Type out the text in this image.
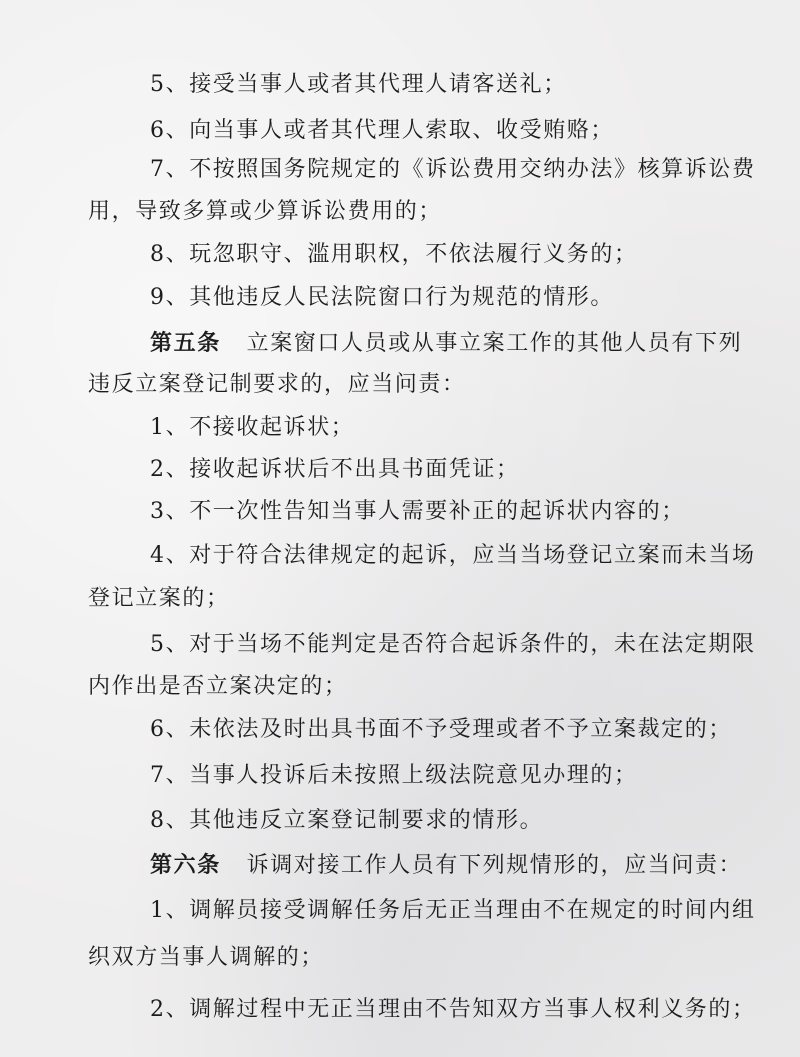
5、接受当事人或者其代理人请客送礼；
6、向当事人或者其代理人索取、收受贿赂；
7、不按照国务院规定的《诉讼费用交纳办法》核算诉讼费
用，导致多算或少算诉讼费用的；
8、玩忽职守、滥用职权，不依法履行义务的；
9、其他违反人民法院窗口行为规范的情形。
第五条 立案窗口人员或从事立案工作的其他人员有下列
违反立案登记制要求的，应当问责：
1、不接收起诉状；
2、接收起诉状后不出具书面凭证；
3、不一次性告知当事人需要补正的起诉状内容的；
4、对于符合法律规定的起诉，应当当场登记立案而未当场
登记立案的；
5、对于当场不能判定是否符合起诉条件的，未在法定期限
内作出是否立案决定的；
6、未依法及时出具书面不予受理或者不予立案裁定的；
7、当事人投诉后未按照上级法院意见办理的；
8、其他违反立案登记制要求的情形。
第六条 诉调对接工作人员有下列规情形的，应当问责：
1、调解员接受调解任务后无正当理由不在规定的时间内组
织双方当事人调解的；
2、调解过程中无正当理由不告知双方当事人权利义务的；
